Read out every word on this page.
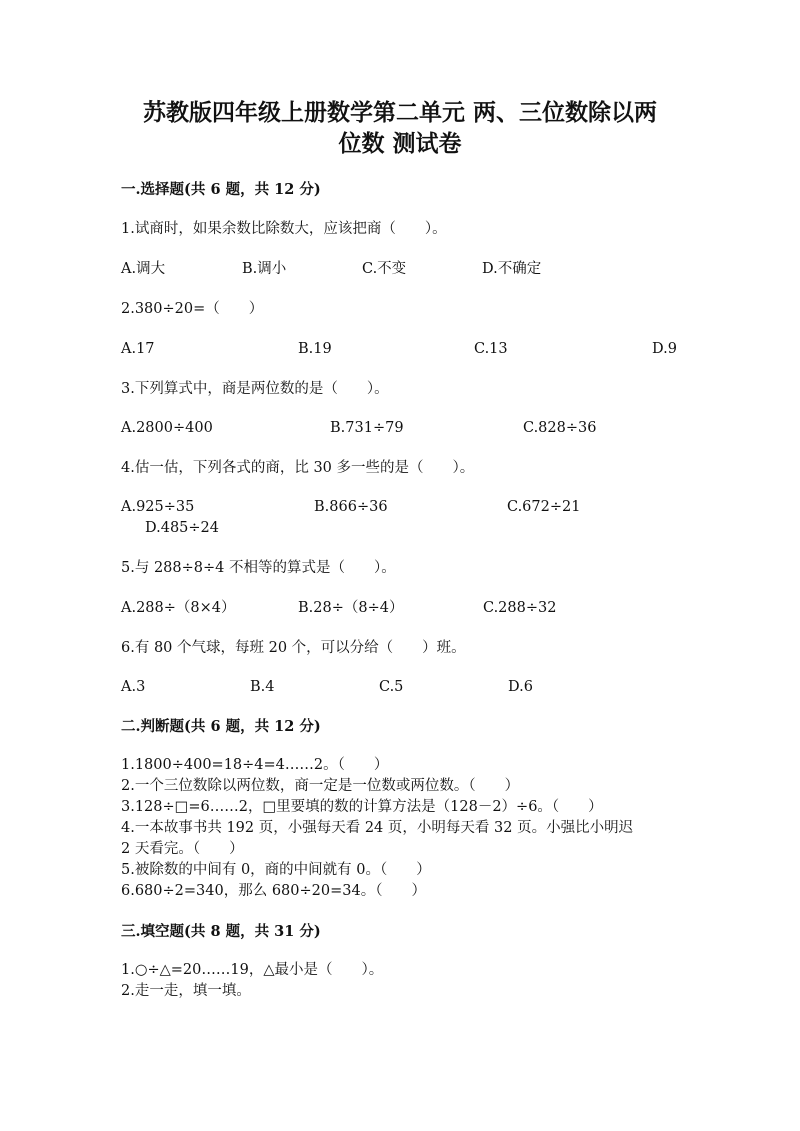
苏教版四年级上册数学第二单元 两、三位数除以两
位数 测试卷
一.选择题(共 6 题，共 12 分)
1.试商时，如果余数比除数大，应该把商（　　）。
A.调大	B.调小	C.不变	D.不确定
2.380÷20=（　　）
A.17	B.19	C.13	D.9
3.下列算式中，商是两位数的是（　　）。
A.2800÷400	B.731÷79	C.828÷36
4.估一估，下列各式的商，比 30 多一些的是（　　）。
A.925÷35	B.866÷36	C.672÷21
D.485÷24
5.与 288÷8÷4 不相等的算式是（　　）。
A.288÷（8×4）	B.28÷（8÷4）	C.288÷32
6.有 80 个气球，每班 20 个，可以分给（　　）班。
A.3	B.4	C.5	D.6
二.判断题(共 6 题，共 12 分)
1.1800÷400=18÷4=4……2。（　　）
2.一个三位数除以两位数，商一定是一位数或两位数。（　　）
3.128÷□=6……2，□里要填的数的计算方法是（128－2）÷6。（　　）
4.一本故事书共 192 页，小强每天看 24 页，小明每天看 32 页。小强比小明迟
2 天看完。（　　）
5.被除数的中间有 0，商的中间就有 0。（　　）
6.680÷2=340，那么 680÷20=34。（　　）
三.填空题(共 8 题，共 31 分)
1.○÷△=20……19，△最小是（　　）。
2.走一走，填一填。
